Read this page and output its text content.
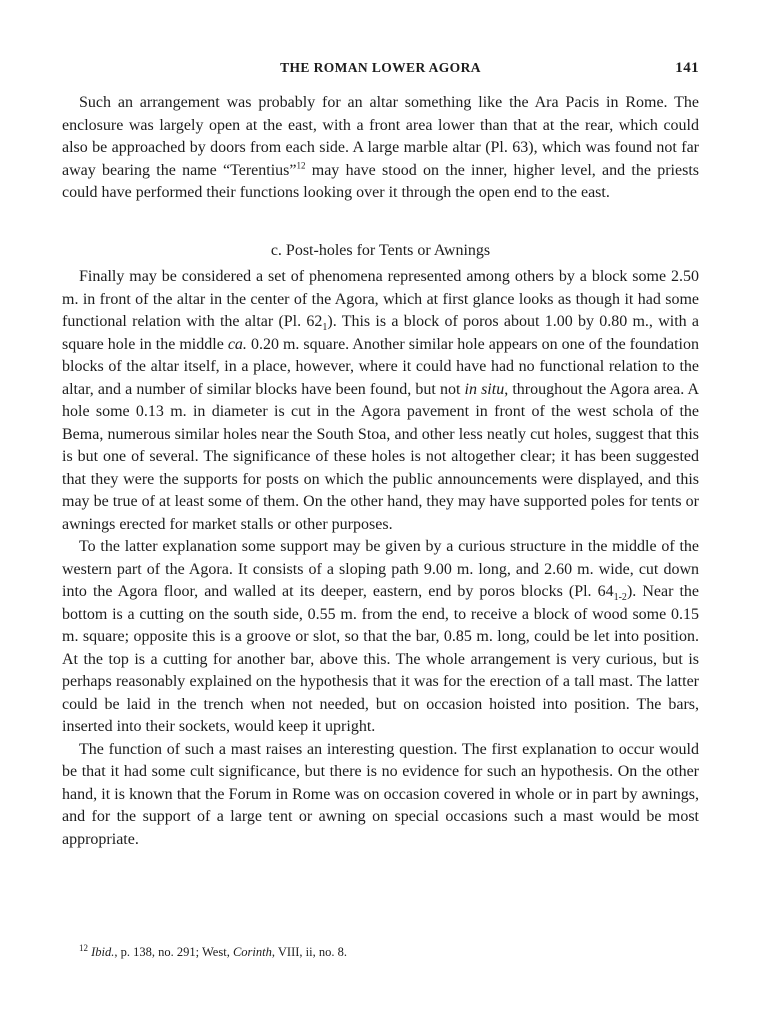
THE ROMAN LOWER AGORA	141

Such an arrangement was probably for an altar something like the Ara Pacis in Rome. The enclosure was largely open at the east, with a front area lower than that at the rear, which could also be approached by doors from each side. A large marble altar (Pl. 63), which was found not far away bearing the name “Terentius”$^{12}$ may have stood on the inner, higher level, and the priests could have performed their functions looking over it through the open end to the east.

c. Post-holes for Tents or Awnings

Finally may be considered a set of phenomena represented among others by a block some 2.50 m. in front of the altar in the center of the Agora, which at first glance looks as though it had some functional relation with the altar (Pl. $62_1$). This is a block of poros about 1.00 by 0.80 m., with a square hole in the middle ca. 0.20 m. square. Another similar hole appears on one of the foundation blocks of the altar itself, in a place, however, where it could have had no functional relation to the altar, and a number of similar blocks have been found, but not in situ, throughout the Agora area. A hole some 0.13 m. in diameter is cut in the Agora pavement in front of the west schola of the Bema, numerous similar holes near the South Stoa, and other less neatly cut holes, suggest that this is but one of several. The significance of these holes is not altogether clear; it has been suggested that they were the supports for posts on which the public announcements were displayed, and this may be true of at least some of them. On the other hand, they may have supported poles for tents or awnings erected for market stalls or other purposes.

To the latter explanation some support may be given by a curious structure in the middle of the western part of the Agora. It consists of a sloping path 9.00 m. long, and 2.60 m. wide, cut down into the Agora floor, and walled at its deeper, eastern, end by poros blocks (Pl. $64_{1-2}$). Near the bottom is a cutting on the south side, 0.55 m. from the end, to receive a block of wood some 0.15 m. square; opposite this is a groove or slot, so that the bar, 0.85 m. long, could be let into position. At the top is a cutting for another bar, above this. The whole arrangement is very curious, but is perhaps reasonably explained on the hypothesis that it was for the erection of a tall mast. The latter could be laid in the trench when not needed, but on occasion hoisted into position. The bars, inserted into their sockets, would keep it upright.

The function of such a mast raises an interesting question. The first explanation to occur would be that it had some cult significance, but there is no evidence for such an hypothesis. On the other hand, it is known that the Forum in Rome was on occasion covered in whole or in part by awnings, and for the support of a large tent or awning on special occasions such a mast would be most appropriate.

$^{12}$ Ibid., p. 138, no. 291; West, Corinth, VIII, ii, no. 8.
